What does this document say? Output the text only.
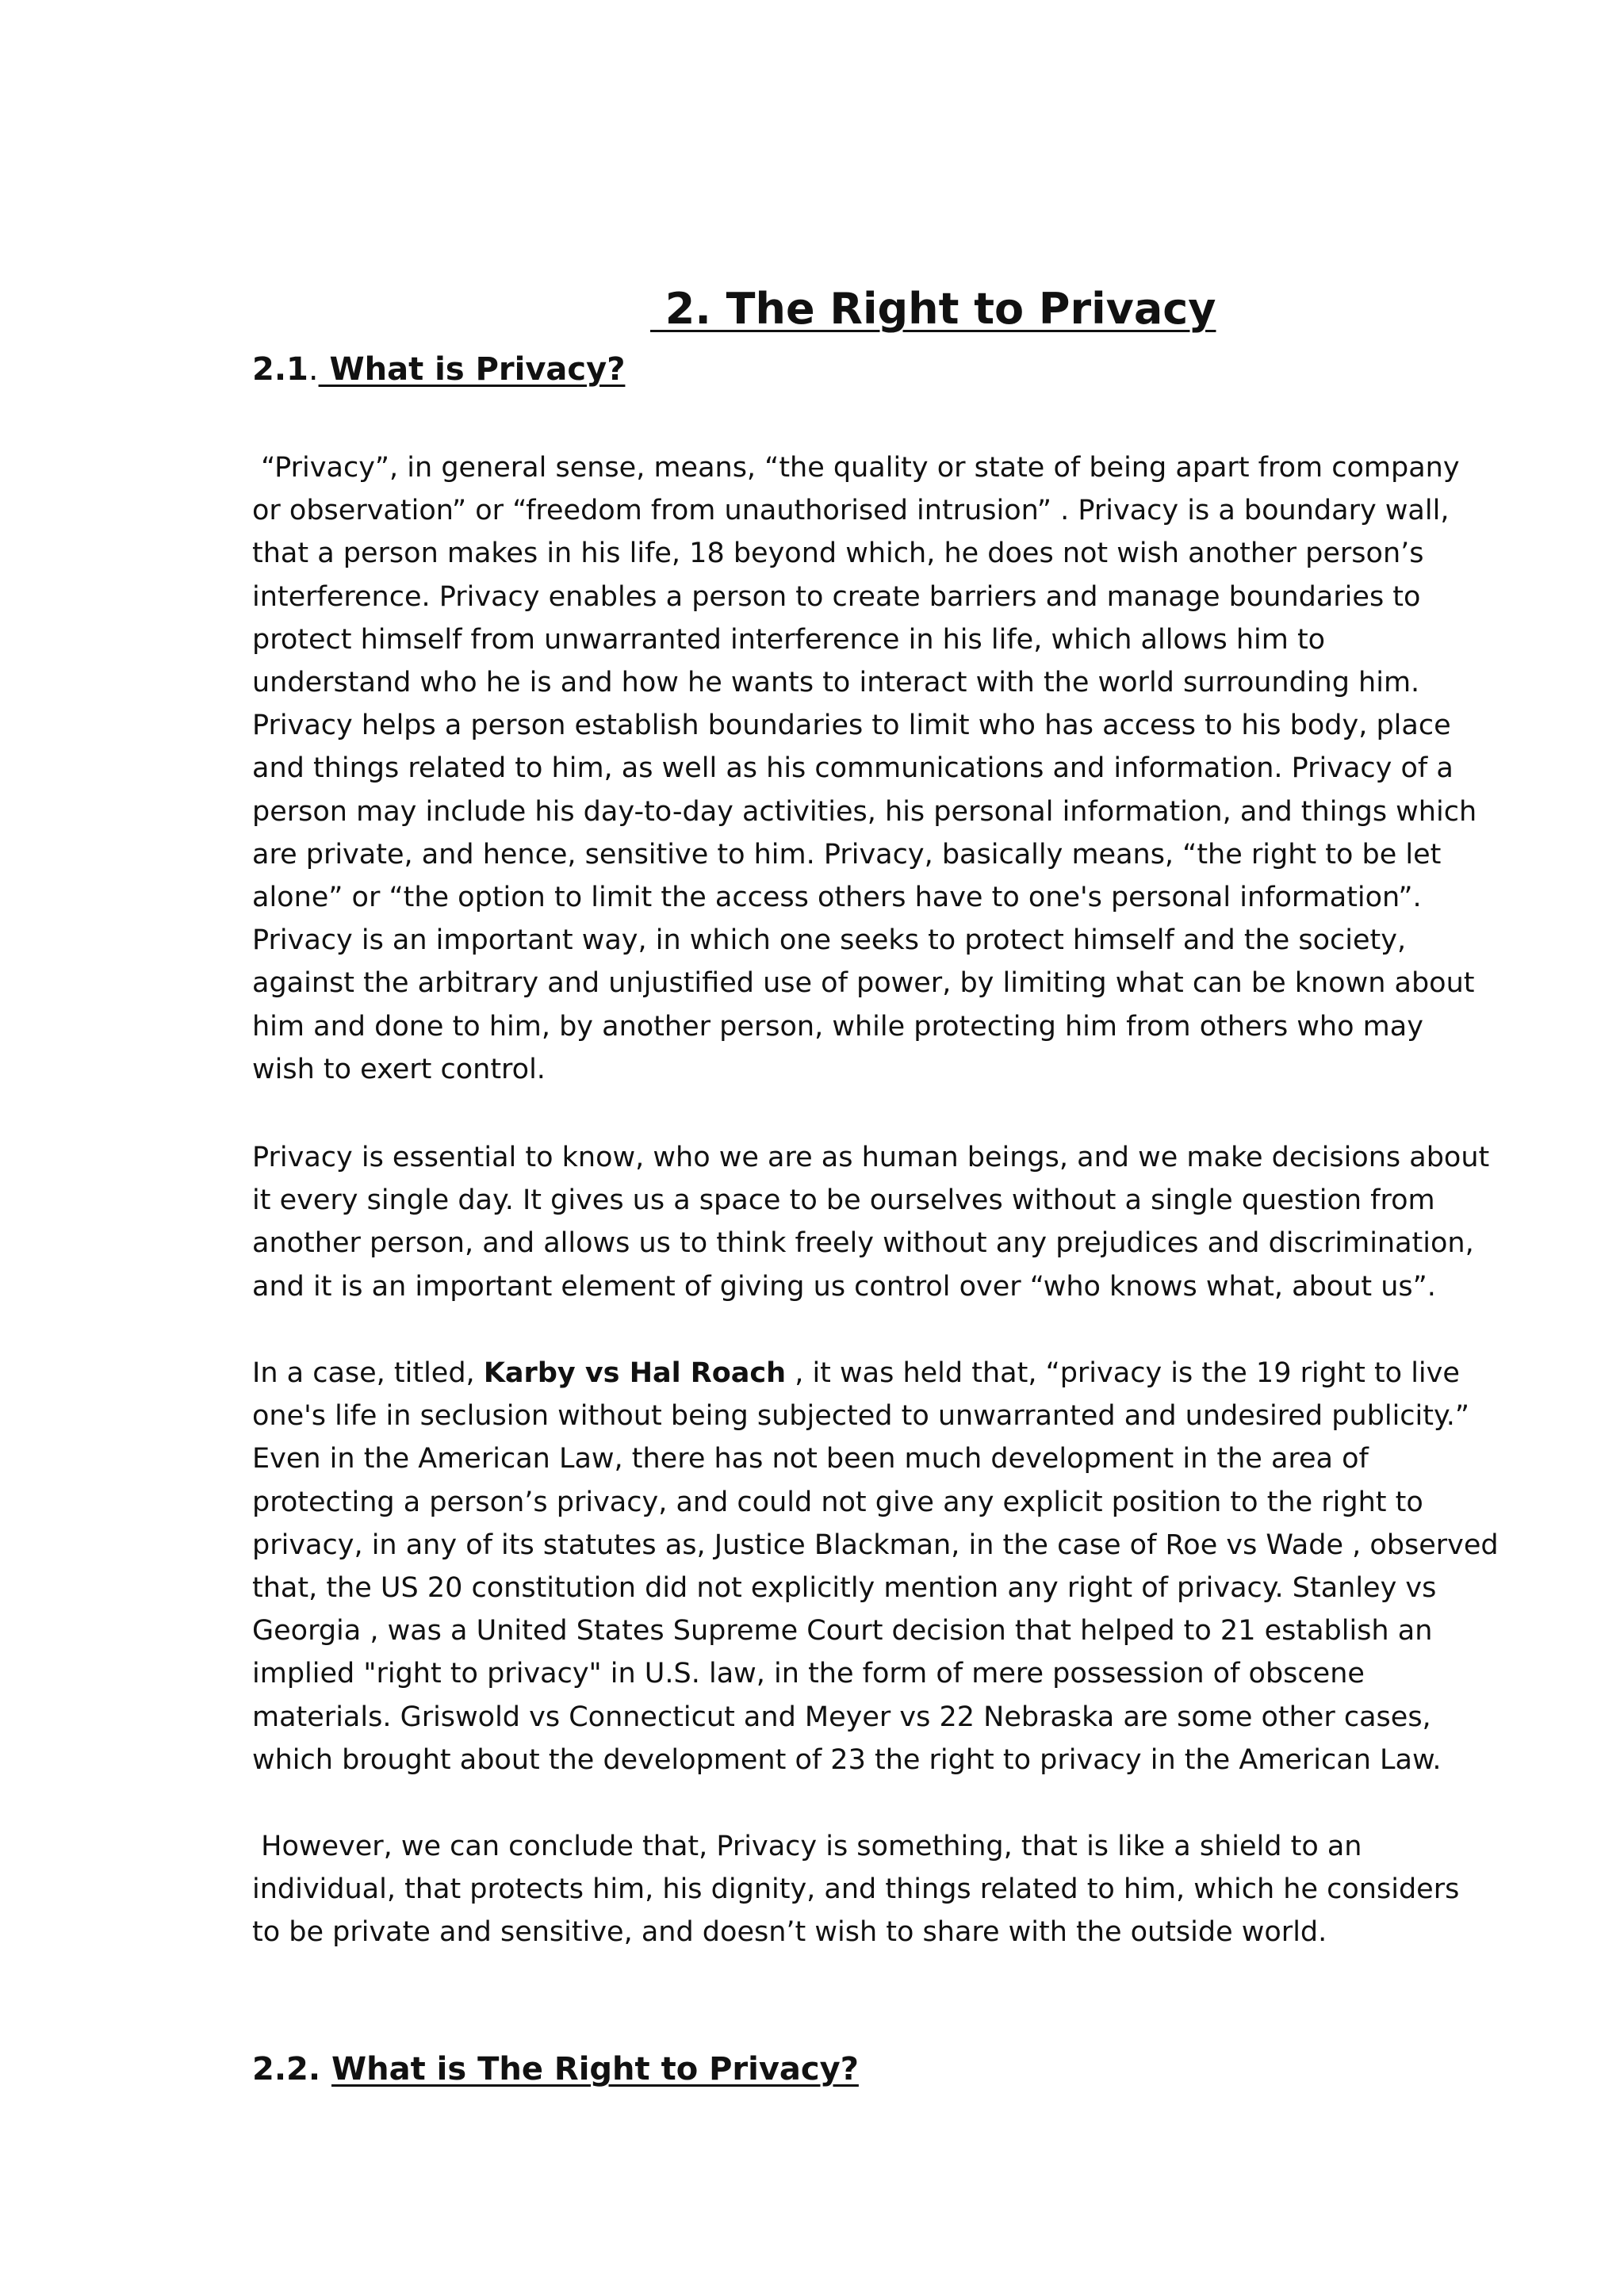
2. The Right to Privacy
2.1. What is Privacy?
“Privacy”, in general sense, means, “the quality or state of being apart from company
or observation” or “freedom from unauthorised intrusion” . Privacy is a boundary wall,
that a person makes in his life, 18 beyond which, he does not wish another person’s
interference. Privacy enables a person to create barriers and manage boundaries to
protect himself from unwarranted interference in his life, which allows him to
understand who he is and how he wants to interact with the world surrounding him.
Privacy helps a person establish boundaries to limit who has access to his body, place
and things related to him, as well as his communications and information. Privacy of a
person may include his day-to-day activities, his personal information, and things which
are private, and hence, sensitive to him. Privacy, basically means, “the right to be let
alone” or “the option to limit the access others have to one's personal information”.
Privacy is an important way, in which one seeks to protect himself and the society,
against the arbitrary and unjustified use of power, by limiting what can be known about
him and done to him, by another person, while protecting him from others who may
wish to exert control.
Privacy is essential to know, who we are as human beings, and we make decisions about
it every single day. It gives us a space to be ourselves without a single question from
another person, and allows us to think freely without any prejudices and discrimination,
and it is an important element of giving us control over “who knows what, about us”.
In a case, titled, Karby vs Hal Roach , it was held that, “privacy is the 19 right to live
one's life in seclusion without being subjected to unwarranted and undesired publicity.”
Even in the American Law, there has not been much development in the area of
protecting a person’s privacy, and could not give any explicit position to the right to
privacy, in any of its statutes as, Justice Blackman, in the case of Roe vs Wade , observed
that, the US 20 constitution did not explicitly mention any right of privacy. Stanley vs
Georgia , was a United States Supreme Court decision that helped to 21 establish an
implied "right to privacy" in U.S. law, in the form of mere possession of obscene
materials. Griswold vs Connecticut and Meyer vs 22 Nebraska are some other cases,
which brought about the development of 23 the right to privacy in the American Law.
However, we can conclude that, Privacy is something, that is like a shield to an
individual, that protects him, his dignity, and things related to him, which he considers
to be private and sensitive, and doesn’t wish to share with the outside world.
2.2. What is The Right to Privacy?
